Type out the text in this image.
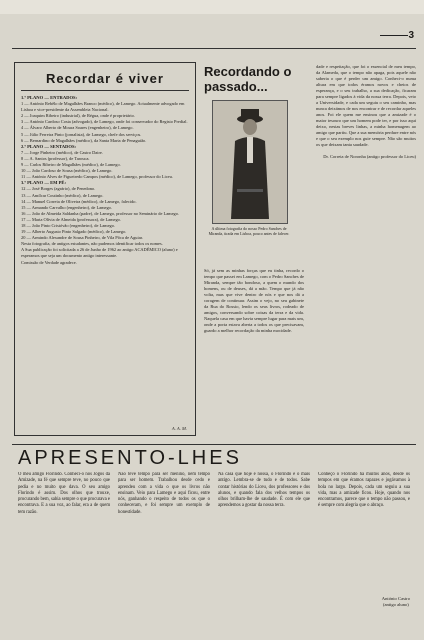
3
Recordar é viver

1.º PLANO — ENTRADOS:

1 — António Rebêlo de Magalhães Branco (médico), de Lamego. Actualmente advogado em Lisboa e vice-presidente da Assembleia Nacional.

2 — Joaquim Ribeiro (industrial), de Régua, onde é proprietário.

3 — António Cardoso Costa (advogado), de Lamego, onde foi conservador do Registo Predial.

4 — Álvaro Alberto de Moura Soares (engenheiro), de Lamego.

5 — Júlio Ferreira Pinto (jornalista), de Lamego, chefe dos serviços.

6 — Bernardino de Magalhães (médico), da Santa Marta de Penaguião.

2.º PLANO — SENTADOS:

7 — Jorge Pinheiro (médico), de Castro Daire.

8 — A. Santos (professor), de Tarouca.

9 — Carlos Ribeiro de Magalhães (médico), de Lamego.

10 — João Cardoso de Sousa (médico), de Lamego.

11 — António Alves de Figueiredo Campos (médico), de Lamego, professor do Liceu.

3.º PLANO — EM PÉ:

12 — José Borges (agrário), de Penedono.

13 — Amílcar Coutinho (médico), de Lamego.

14 — Manuel Correia de Oliveira (médico), de Lamego, falecido.

15 — Armando Carvalho (engenheiro), de Lamego.

16 — João de Almeida Saldanha (padre), de Lamego, professor no Seminário de Lamego.

17 — Maria Olívia de Almeida (professora), de Lamego.

18 — João Pinto Cristóvão (engenheiro), de Lamego.

19 — Alberto Augusto Pinto Salgado (médico), de Lamego.

20 — Armindo Alexandre de Sousa Pinheiro, de Vila Pôca de Aguiar.

Nesta fotografia, de antigos estudantes, não pudemos identificar todos os nomes.

A Sua publicação foi solicitada a 26 de Junho de 1962 ao antigo ACADÉMICO (aluno) e esperamos que seja um documento antigo interessante.

Comissão de Verdade agradece.

A. A. M.
Recordando o passado...
A última fotografia do nosso Pedro Sanches de Miranda, tirada em Lisboa, pouco antes de falecer.
Só, já sem as minhas forças que eu tinha, recordo o tempo que passei em Lamego, com o Pedro Sanches de Miranda, sempre tão bondoso, a quem o mundo dos homens, ou de deuses, dá a mão. Tempo que já não volta, mas que vive dentro de nós e que nos dá a coragem de continuar. Assim o vejo, no seu gabinete da Rua do Rossio, lendo os seus livros, rodeado de amigos, conversando sobre coisas da terra e da vida. Naquela casa em que havia sempre lugar para mais um, onde a porta estava aberta a todos os que precisavam, guardo a melhor recordação da minha mocidade.
dade e respeitação, que foi o essencial de meu tempo, da Alameda, que o tempo não apaga, pois aquele não saberia o que é perder um amigo. Conheci-o numa altura em que todos éramos novos e cheios de esperança, e o seu trabalho, a sua dedicação, ficaram para sempre ligados à vida da nossa terra. Depois, veio a Universidade, e cada um seguiu o seu caminho, mas nunca deixámos de nos encontrar e de recordar aqueles anos. Foi ele quem me ensinou que a amizade é o maior tesouro que um homem pode ter, e por isso aqui deixo, nestas breves linhas, a minha homenagem ao amigo que partiu. Que a sua memória perdure entre nós e que o seu exemplo nos guie sempre. Não são muitos os que deixam tanta saudade.
Dr. Correia de Noronha (antigo professor do Liceu)
APRESENTO-LHES
O meu amigo Florindo. Conheci-o nos Jogos da Amizade, na fé que sempre teve, no pouco que pedia e no muito que dava. O seu amigo Florindo é assim. Dos olhos que trouxe, procurando bem, sabia sempre o que procurava e encontrava. E a sua voz, ao falar, era a de quem tem razão.
Não teve tempo para ser menino, nem tempo para ser homem. Trabalhou desde cedo e aprendeu com a vida o que os livros não ensinam. Veio para Lamego e aqui ficou, entre nós, ganhando o respeito de todos os que o conheceram, e foi sempre um exemplo de honestidade.
Na casa que hoje é nossa, o Florindo é o mais antigo. Lembra-se de tudo e de todos. Sabe contar histórias do Liceu, dos professores e dos alunos, e quando fala dos velhos tempos os olhos brilham-lhe de saudade. É com ele que aprendemos a gostar da nossa terra.
Conheço o Florindo há muitos anos, desde os tempos em que éramos rapazes e jogávamos à bola no largo. Depois, cada um seguiu a sua vida, mas a amizade ficou. Hoje, quando nos encontramos, parece que o tempo não passou, e é sempre com alegria que o abraço.
António Castro
(antigo aluno)
